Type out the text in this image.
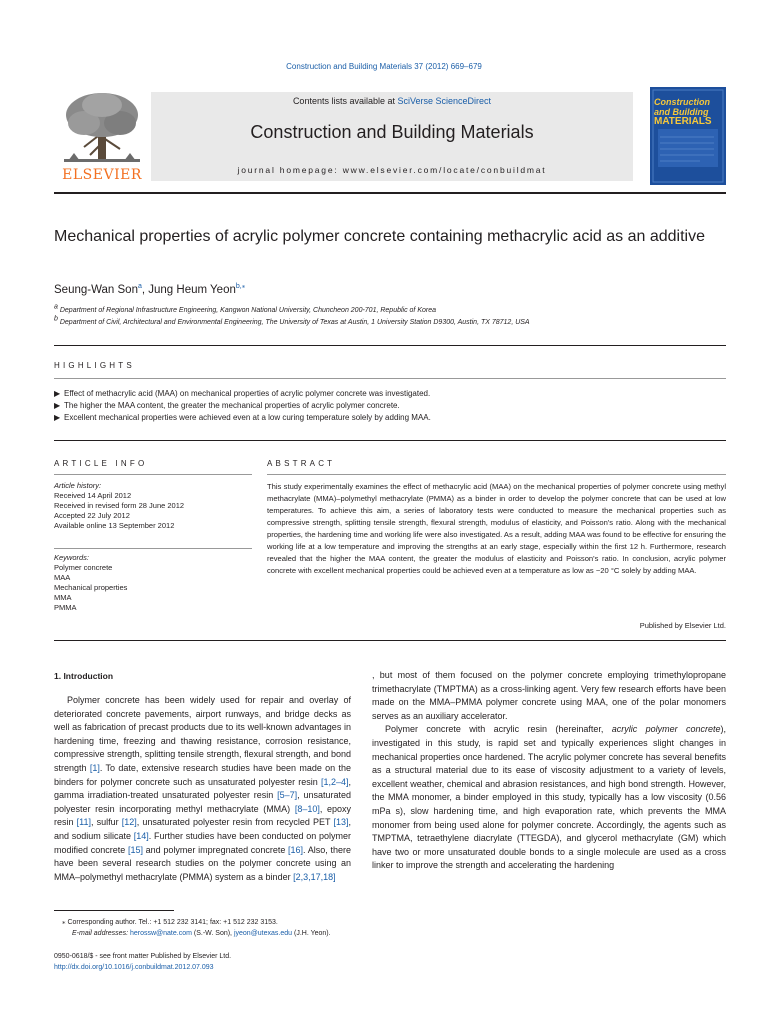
Construction and Building Materials 37 (2012) 669–679
ELSEVIER
Contents lists available at SciVerse ScienceDirect
Construction and Building Materials
journal homepage: www.elsevier.com/locate/conbuildmat
Construction
and Building
MATERIALS
Mechanical properties of acrylic polymer concrete containing methacrylic acid as an additive
Seung-Wan Son$^a$, Jung Heum Yeon$^{b,⁎}$
$^a$ Department of Regional Infrastructure Engineering, Kangwon National University, Chuncheon 200-701, Republic of Korea
$^b$ Department of Civil, Architectural and Environmental Engineering, The University of Texas at Austin, 1 University Station D9300, Austin, TX 78712, USA
HIGHLIGHTS
▶ Effect of methacrylic acid (MAA) on mechanical properties of acrylic polymer concrete was investigated.
▶ The higher the MAA content, the greater the mechanical properties of acrylic polymer concrete.
▶ Excellent mechanical properties were achieved even at a low curing temperature solely by adding MAA.
ARTICLE INFO	ABSTRACT
Article history:
Received 14 April 2012
Received in revised form 28 June 2012
Accepted 22 July 2012
Available online 13 September 2012
Keywords:
Polymer concrete
MAA
Mechanical properties
MMA
PMMA
This study experimentally examines the effect of methacrylic acid (MAA) on the mechanical properties of polymer concrete using methyl methacrylate (MMA)–polymethyl methacrylate (PMMA) as a binder in order to develop the polymer concrete that can be used at low temperatures. To achieve this aim, a series of laboratory tests were conducted to measure the mechanical properties such as compressive strength, splitting tensile strength, flexural strength, modulus of elasticity, and Poisson's ratio. Along with the mechanical properties, the hardening time and working life were also investigated. As a result, adding MAA was found to be effective for ensuring the working life at a low temperature and improving the strengths at an early stage, especially within the first 12 h. Furthermore, research revealed that the higher the MAA content, the greater the modulus of elasticity and Poisson's ratio. In conclusion, acrylic polymer concrete with excellent mechanical properties could be achieved even at a temperature as low as −20 °C solely by adding MAA.
Published by Elsevier Ltd.
1. Introduction

Polymer concrete has been widely used for repair and overlay of deteriorated concrete pavements, airport runways, and bridge decks as well as fabrication of precast products due to its well-known advantages in hardening time, freezing and thawing resistance, corrosion resistance, compressive strength, splitting tensile strength, flexural strength, and bond strength [1]. To date, extensive research studies have been made on the binders for polymer concrete such as unsaturated polyester resin [1,2–4], gamma irradiation-treated unsaturated polyester resin [5–7], unsaturated polyester resin incorporating methyl methacrylate (MMA) [8–10], epoxy resin [11], sulfur [12], unsaturated polyester resin from recycled PET [13], and sodium silicate [14]. Further studies have been conducted on polymer modified concrete [15] and polymer impregnated concrete [16]. Also, there have been several research studies on the polymer concrete using an MMA–polymethyl methacrylate (PMMA) system as a binder [2,3,17,18]

, but most of them focused on the polymer concrete employing trimethylopropane trimethacrylate (TMPTMA) as a cross-linking agent. Very few research efforts have been made on the MMA–PMMA polymer concrete using MAA, one of the polar monomers serves as an auxiliary accelerator.

Polymer concrete with acrylic resin (hereinafter, acrylic polymer concrete), investigated in this study, is rapid set and typically experiences slight changes in mechanical properties once hardened. The acrylic polymer concrete has several benefits as a structural material due to its ease of viscosity adjustment to a variety of levels, excellent weather, chemical and abrasion resistances, and high bond strength. However, the MMA monomer, a binder employed in this study, typically has a low viscosity (0.56 mPa s), slow hardening time, and high evaporation rate, which prevents the MMA monomer from being used alone for polymer concrete. Accordingly, the agents such as TMPTMA, tetraethylene diacrylate (TTEGDA), and glycerol methacrylate (GM) which have two or more unsaturated double bonds to a single molecule are used as a cross linker to improve the strength and accelerating the hardening

⁎ Corresponding author. Tel.: +1 512 232 3141; fax: +1 512 232 3153.
E-mail addresses: herossw@nate.com (S.-W. Son), jyeon@utexas.edu (J.H. Yeon).
0950-0618/$ - see front matter Published by Elsevier Ltd.
http://dx.doi.org/10.1016/j.conbuildmat.2012.07.093
